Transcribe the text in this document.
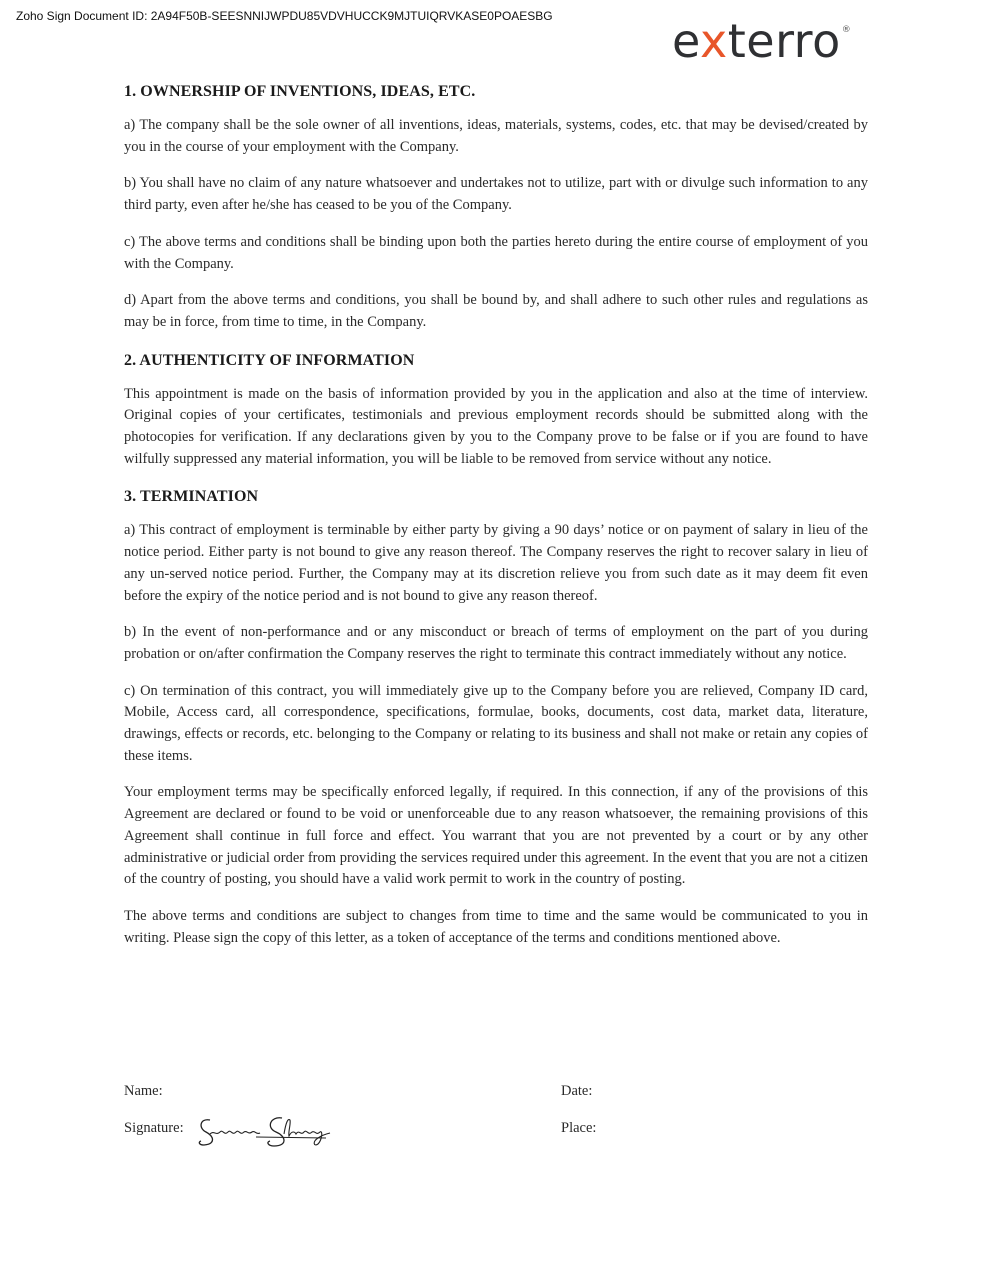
Zoho Sign Document ID: 2A94F50B-SEESNNIJWPDU85VDVHUCCK9MJTUIQRVKASE0POAESBG	exterro®
1. OWNERSHIP OF INVENTIONS, IDEAS, ETC.

a) The company shall be the sole owner of all inventions, ideas, materials, systems, codes, etc. that may be devised/created by you in the course of your employment with the Company.

b) You shall have no claim of any nature whatsoever and undertakes not to utilize, part with or divulge such information to any third party, even after he/she has ceased to be you of the Company.

c) The above terms and conditions shall be binding upon both the parties hereto during the entire course of employment of you with the Company.

d) Apart from the above terms and conditions, you shall be bound by, and shall adhere to such other rules and regulations as may be in force, from time to time, in the Company.

2. AUTHENTICITY OF INFORMATION

This appointment is made on the basis of information provided by you in the application and also at the time of interview. Original copies of your certificates, testimonials and previous employment records should be submitted along with the photocopies for verification. If any declarations given by you to the Company prove to be false or if you are found to have wilfully suppressed any material information, you will be liable to be removed from service without any notice.

3. TERMINATION

a) This contract of employment is terminable by either party by giving a 90 days’ notice or on payment of salary in lieu of the notice period. Either party is not bound to give any reason thereof. The Company reserves the right to recover salary in lieu of any un-served notice period. Further, the Company may at its discretion relieve you from such date as it may deem fit even before the expiry of the notice period and is not bound to give any reason thereof.

b) In the event of non-performance and or any misconduct or breach of terms of employment on the part of you during probation or on/after confirmation the Company reserves the right to terminate this contract immediately without any notice.

c) On termination of this contract, you will immediately give up to the Company before you are relieved, Company ID card, Mobile, Access card, all correspondence, specifications, formulae, books, documents, cost data, market data, literature, drawings, effects or records, etc. belonging to the Company or relating to its business and shall not make or retain any copies of these items.

Your employment terms may be specifically enforced legally, if required. In this connection, if any of the provisions of this Agreement are declared or found to be void or unenforceable due to any reason whatsoever, the remaining provisions of this Agreement shall continue in full force and effect. You warrant that you are not prevented by a court or by any other administrative or judicial order from providing the services required under this agreement. In the event that you are not a citizen of the country of posting, you should have a valid work permit to work in the country of posting.

The above terms and conditions are subject to changes from time to time and the same would be communicated to you in writing. Please sign the copy of this letter, as a token of acceptance of the terms and conditions mentioned above.

Name:	Date:
Signature:	Place:
